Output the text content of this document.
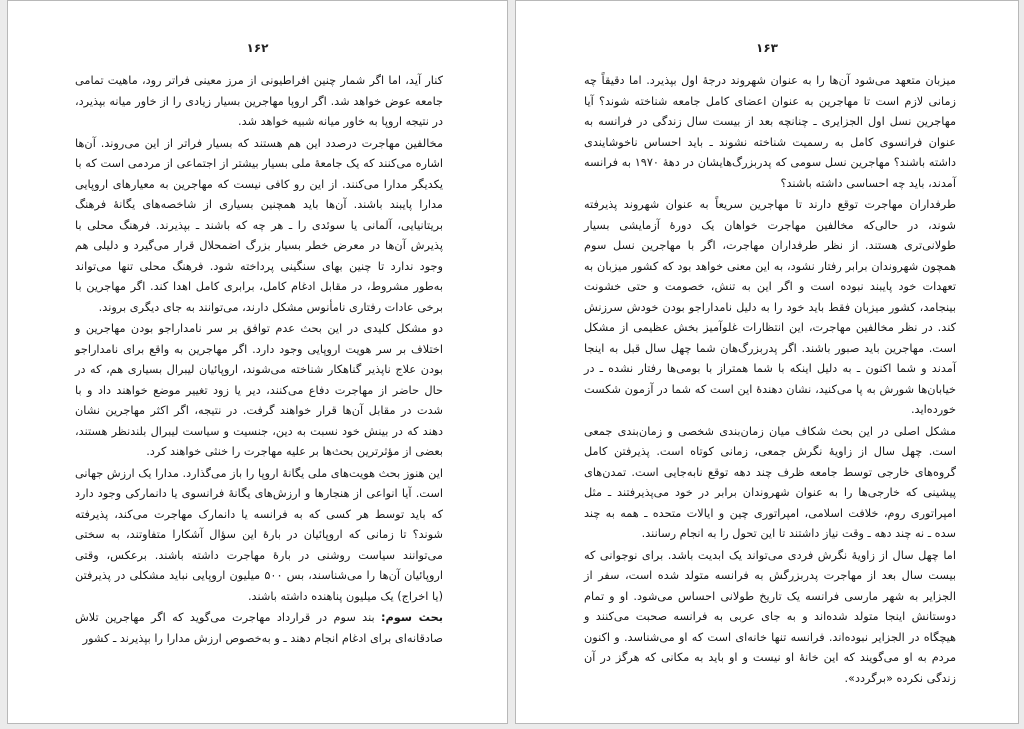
۱۶۲

کنار آید، اما اگر شمار چنین افراطیونی از مرز معینی فراتر رود، ماهیت تمامی جامعه عوض خواهد شد. اگر اروپا مهاجرین بسیار زیادی را از خاور میانه بپذیرد، در نتیجه اروپا به خاور میانه شبیه خواهد شد.

مخالفین مهاجرت درصدد این هم هستند که بسیار فراتر از این می‌روند. آن‌ها اشاره می‌کنند که یک جامعهٔ ملی بسیار بیشتر از اجتماعی از مردمی است که با یکدیگر مدارا می‌کنند. از این رو کافی نیست که مهاجرین به معیارهای اروپایی مدارا پایبند باشند. آن‌ها باید همچنین بسیاری از شاخصه‌های یگانهٔ فرهنگ بریتانیایی، آلمانی یا سوئدی را ـ هر چه که باشند ـ بپذیرند. فرهنگ محلی با پذیرش آن‌ها در معرض خطر بسیار بزرگ اضمحلال قرار می‌گیرد و دلیلی هم وجود ندارد تا چنین بهای سنگینی پرداخته شود. فرهنگ محلی تنها می‌تواند به‌طور مشروط، در مقابل ادغام کامل، برابری کامل اهدا کند. اگر مهاجرین با برخی عادات رفتاری نامأنوس مشکل دارند، می‌توانند به جای دیگری بروند.

دو مشکل کلیدی در این بحث عدم توافق بر سر نامداراجو بودن مهاجرین و اختلاف بر سر هویت اروپایی وجود دارد. اگر مهاجرین به واقع برای نامداراجو بودن علاج ناپذیر گناهکار شناخته می‌شوند، اروپائیان لیبرال بسیاری هم، که در حال حاضر از مهاجرت دفاع می‌کنند، دیر یا زود تغییر موضع خواهند داد و با شدت در مقابل آن‌ها قرار خواهند گرفت. در نتیجه، اگر اکثر مهاجرین نشان دهند که در بینش خود نسبت به دین، جنسیت و سیاست لیبرال بلندنظر هستند، بعضی از مؤثرترین بحث‌ها بر علیه مهاجرت را خنثی خواهند کرد.

این هنوز بحث هویت‌های ملی یگانهٔ اروپا را باز می‌گذارد. مدارا یک ارزش جهانی است. آیا انواعی از هنجارها و ارزش‌های یگانهٔ فرانسوی یا دانمارکی وجود دارد که باید توسط هر کسی که به فرانسه یا دانمارک مهاجرت می‌کند، پذیرفته شوند؟ تا زمانی که اروپائیان در بارهٔ این سؤال آشکارا متفاوتند، به سختی می‌توانند سیاست روشنی در بارهٔ مهاجرت داشته باشند. برعکس، وقتی اروپائیان آن‌ها را می‌شناسند، بس ۵۰۰ میلیون اروپایی نباید مشکلی در پذیرفتن (یا اخراج) یک میلیون پناهنده داشته باشند.

بحث سوم: بند سوم در قرارداد مهاجرت می‌گوید که اگر مهاجرین تلاش صادقانه‌ای برای ادغام انجام دهند ـ و به‌خصوص ارزش مدارا را بپذیرند ـ کشور

۱۶۳

میزبان متعهد می‌شود آن‌ها را به عنوان شهروند درجهٔ اول بپذیرد. اما دقیقاً چه زمانی لازم است تا مهاجرین به عنوان اعضای کامل جامعه شناخته شوند؟ آیا مهاجرین نسل اول الجزایری ـ چنانچه بعد از بیست سال زندگی در فرانسه به عنوان فرانسوی کامل به رسمیت شناخته نشوند ـ باید احساس ناخوشایندی داشته باشند؟ مهاجرین نسل سومی که پدربزرگ‌هایشان در دههٔ ۱۹۷۰ به فرانسه آمدند، باید چه احساسی داشته باشند؟

طرفداران مهاجرت توقع دارند تا مهاجرین سریعاً به عنوان شهروند پذیرفته شوند، در حالی‌که مخالفین مهاجرت خواهان یک دورهٔ آزمایشی بسیار طولانی‌تری هستند. از نظر طرفداران مهاجرت، اگر با مهاجرین نسل سوم همچون شهروندان برابر رفتار نشود، به این معنی خواهد بود که کشور میزبان به تعهدات خود پایبند نبوده است و اگر این به تنش، خصومت و حتی خشونت بینجامد، کشور میزبان فقط باید خود را به دلیل نامداراجو بودن خودش سرزنش کند. در نظر مخالفین مهاجرت، این انتظارات غلوآمیز بخش عظیمی از مشکل است. مهاجرین باید صبور باشند. اگر پدربزرگ‌هان شما چهل سال قبل به اینجا آمدند و شما اکنون ـ به دلیل اینکه با شما همتراز با بومی‌ها رفتار نشده ـ در خیابان‌ها شورش به پا می‌کنید، نشان دهندهٔ این است که شما در آزمون شکست خورده‌اید.

مشکل اصلی در این بحث شکاف میان زمان‌بندی شخصی و زمان‌بندی جمعی است. چهل سال از زاویهٔ نگرش جمعی، زمانی کوتاه است. پذیرفتن کامل گروه‌های خارجی توسط جامعه ظرف چند دهه توقع نابه‌جایی است. تمدن‌های پیشینی که خارجی‌ها را به عنوان شهروندان برابر در خود می‌پذیرفتند ـ مثل امپراتوری روم، خلافت اسلامی، امپراتوری چین و ایالات متحده ـ همه به چند سده ـ نه چند دهه ـ وقت نیاز داشتند تا این تحول را به انجام رسانند.

اما چهل سال از زاویهٔ نگرش فردی می‌تواند یک ابدیت باشد. برای نوجوانی که بیست سال بعد از مهاجرت پدربزرگش به فرانسه متولد شده است، سفر از الجزایر به شهر مارسی فرانسه یک تاریخ طولانی احساس می‌شود. او و تمام دوستانش اینجا متولد شده‌اند و به جای عربی به فرانسه صحبت می‌کنند و هیچگاه در الجزایر نبوده‌اند. فرانسه تنها خانه‌ای است که او می‌شناسد. و اکنون مردم به او می‌گویند که این خانهٔ او نیست و او باید به مکانی که هرگز در آن زندگی نکرده «برگردد».
